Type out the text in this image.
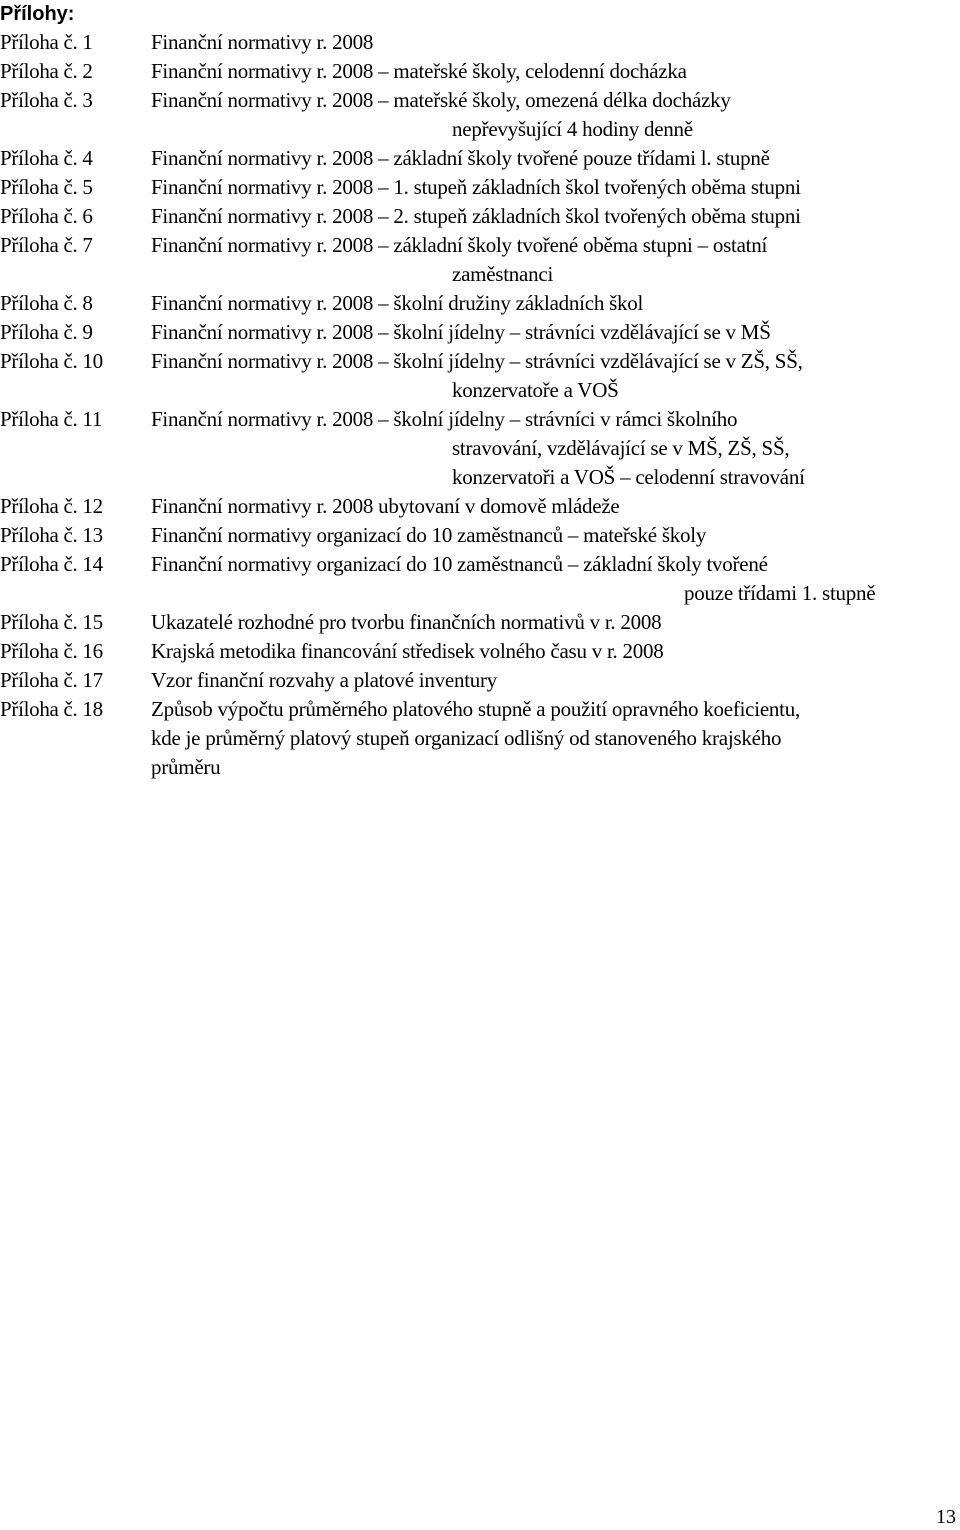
Přílohy:
Příloha č. 1	Finanční normativy r. 2008
Příloha č. 2	Finanční normativy r. 2008 – mateřské školy, celodenní docházka
Příloha č. 3	Finanční normativy r. 2008 – mateřské školy, omezená délka docházky
nepřevyšující 4 hodiny denně
Příloha č. 4	Finanční normativy r. 2008 – základní školy tvořené pouze třídami l. stupně
Příloha č. 5	Finanční normativy r. 2008 – 1. stupeň základních škol tvořených oběma stupni
Příloha č. 6	Finanční normativy r. 2008 – 2. stupeň základních škol tvořených oběma stupni
Příloha č. 7	Finanční normativy r. 2008 – základní školy tvořené oběma stupni – ostatní
zaměstnanci
Příloha č. 8	Finanční normativy r. 2008 – školní družiny základních škol
Příloha č. 9	Finanční normativy r. 2008 – školní jídelny – strávníci vzdělávající se v MŠ
Příloha č. 10	Finanční normativy r. 2008 – školní jídelny – strávníci vzdělávající se v ZŠ, SŠ,
konzervatoře a VOŠ
Příloha č. 11	Finanční normativy r. 2008 – školní jídelny – strávníci v rámci školního
stravování, vzdělávající se v MŠ, ZŠ, SŠ,
konzervatoři a VOŠ – celodenní stravování
Příloha č. 12	Finanční normativy r. 2008 ubytovaní v domově mládeže
Příloha č. 13	Finanční normativy organizací do 10 zaměstnanců – mateřské školy
Příloha č. 14	Finanční normativy organizací do 10 zaměstnanců – základní školy tvořené
pouze třídami 1. stupně
Příloha č. 15	Ukazatelé rozhodné pro tvorbu finančních normativů v r. 2008
Příloha č. 16	Krajská metodika financování středisek volného času v r. 2008
Příloha č. 17	Vzor finanční rozvahy a platové inventury
Příloha č. 18	Způsob výpočtu průměrného platového stupně a použití opravného koeficientu,
kde je průměrný platový stupeň organizací odlišný od stanoveného krajského
průměru
13
